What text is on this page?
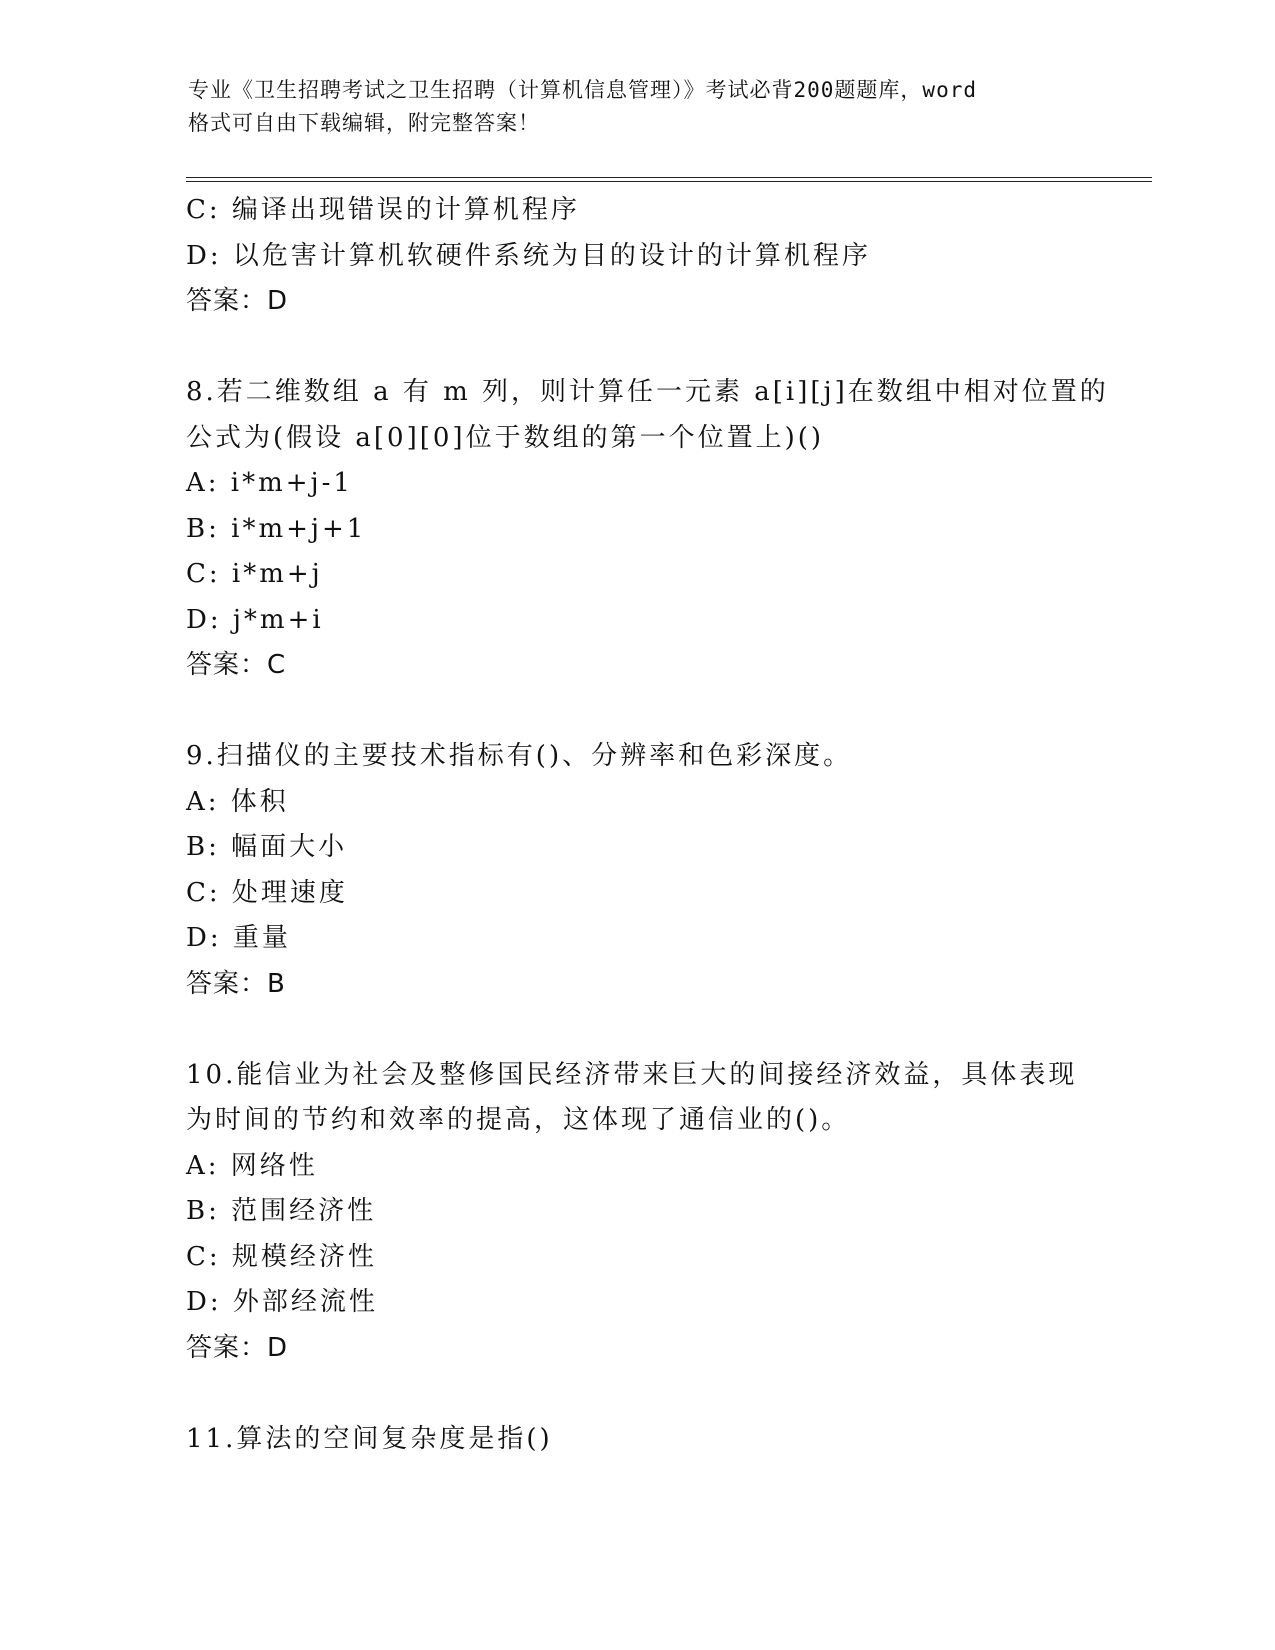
专业《卫生招聘考试之卫生招聘（计算机信息管理）》考试必背200题题库，word
格式可自由下载编辑，附完整答案！
C: 编译出现错误的计算机程序
D: 以危害计算机软硬件系统为目的设计的计算机程序
答案：D
8.若二维数组 a 有 m 列，则计算任一元素 a[i][j]在数组中相对位置的
公式为(假设 a[0][0]位于数组的第一个位置上)()
A: i*m+j-1
B: i*m+j+1
C: i*m+j
D: j*m+i
答案：C
9.扫描仪的主要技术指标有()、分辨率和色彩深度。
A: 体积
B: 幅面大小
C: 处理速度
D: 重量
答案：B
10.能信业为社会及整修国民经济带来巨大的间接经济效益，具体表现
为时间的节约和效率的提高，这体现了通信业的()。
A: 网络性
B: 范围经济性
C: 规模经济性
D: 外部经流性
答案：D
11.算法的空间复杂度是指()
